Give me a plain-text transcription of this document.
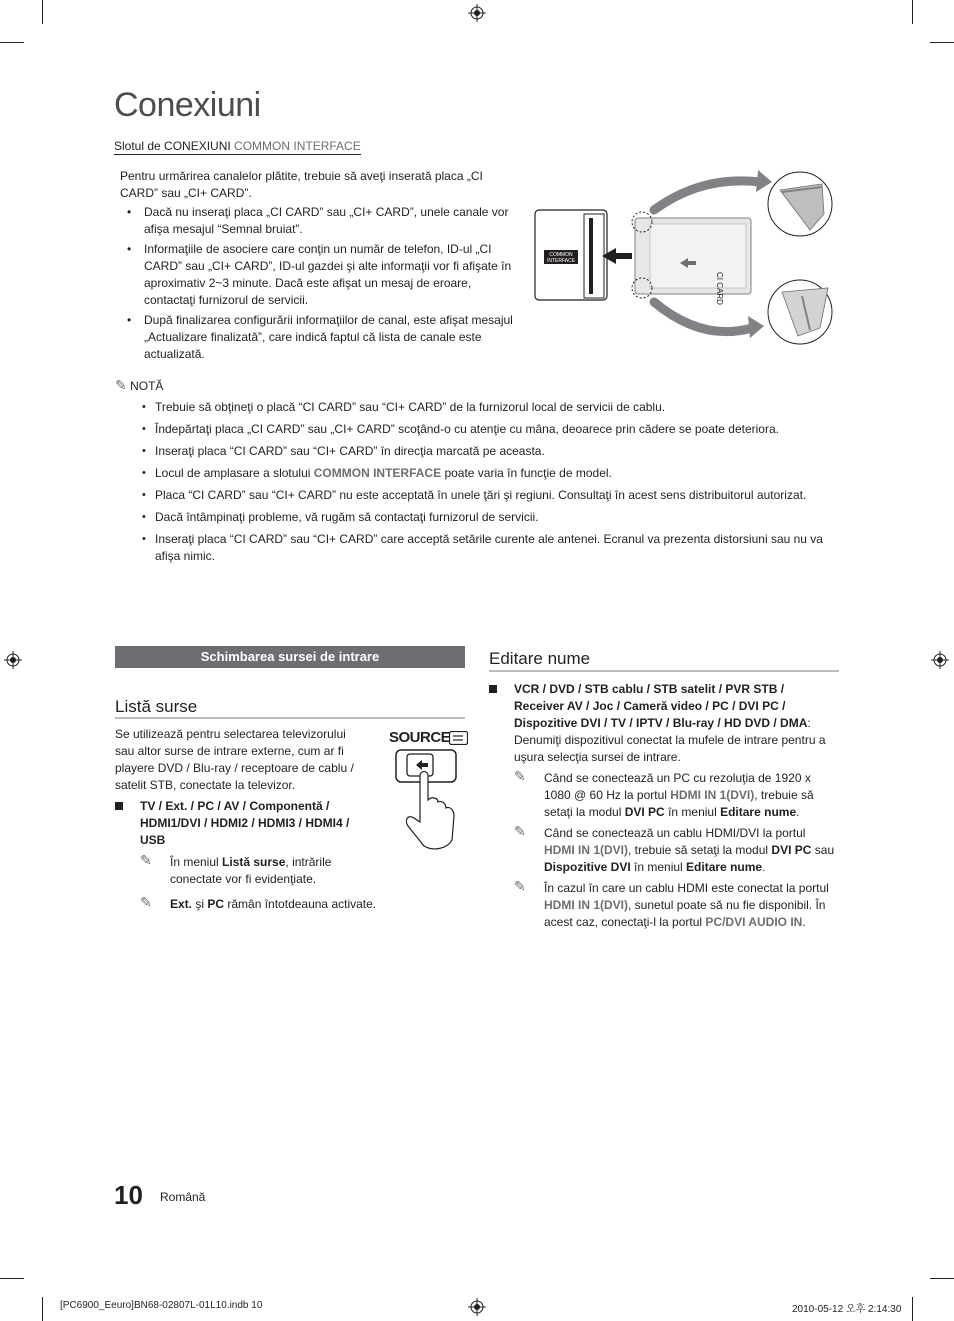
Conexiuni
Slotul de CONEXIUNI COMMON INTERFACE
Pentru urmărirea canalelor plătite, trebuie să aveţi inserată placa „CI CARD” sau „CI+ CARD”.
• Dacă nu inseraţi placa „CI CARD” sau „CI+ CARD”, unele canale vor afişa mesajul “Semnal bruiat”.
• Informaţiile de asociere care conţin un număr de telefon, ID-ul „CI CARD” sau „CI+ CARD”, ID-ul gazdei şi alte informaţii vor fi afişate în aproximativ 2~3 minute. Dacă este afişat un mesaj de eroare, contactaţi furnizorul de servicii.
• După finalizarea configurării informaţiilor de canal, este afişat mesajul „Actualizare finalizată”, care indică faptul că lista de canale este actualizată.
COMMON
INTERFACE
CI CARD
✎ NOTĂ
• Trebuie să obţineţi o placă “CI CARD” sau “CI+ CARD” de la furnizorul local de servicii de cablu.
• Îndepărtaţi placa „CI CARD” sau „CI+ CARD” scoţând-o cu atenţie cu mâna, deoarece prin cădere se poate deteriora.
• Inseraţi placa “CI CARD” sau “CI+ CARD” în direcţia marcată pe aceasta.
• Locul de amplasare a slotului COMMON INTERFACE poate varia în funcţie de model.
• Placa “CI CARD” sau “CI+ CARD” nu este acceptată în unele ţări şi regiuni. Consultaţi în acest sens distribuitorul autorizat.
• Dacă întâmpinaţi probleme, vă rugăm să contactaţi furnizorul de servicii.
• Inseraţi placa “CI CARD” sau “CI+ CARD” care acceptă setările curente ale antenei. Ecranul va prezenta distorsiuni sau nu va afişa nimic.
Schimbarea sursei de intrare
Listă surse
Se utilizează pentru selectarea televizorului sau altor surse de intrare externe, cum ar fi playere DVD / Blu-ray / receptoare de cablu / satelit STB, conectate la televizor.
TV / Ext. / PC / AV / Componentă / HDMI1/DVI / HDMI2 / HDMI3 / HDMI4 / USB
✎ În meniul Listă surse, intrările conectate vor fi evidenţiate.
✎ Ext. şi PC rămân întotdeauna activate.
SOURCE
Editare nume
VCR / DVD / STB cablu / STB satelit / PVR STB / Receiver AV / Joc / Cameră video / PC / DVI PC / Dispozitive DVI / TV / IPTV / Blu-ray / HD DVD / DMA: Denumiţi dispozitivul conectat la mufele de intrare pentru a uşura selecţia sursei de intrare.
✎ Când se conectează un PC cu rezoluţia de 1920 x 1080 @ 60 Hz la portul HDMI IN 1(DVI), trebuie să setaţi la modul DVI PC în meniul Editare nume.
✎ Când se conectează un cablu HDMI/DVI la portul HDMI IN 1(DVI), trebuie să setaţi la modul DVI PC sau Dispozitive DVI în meniul Editare nume.
✎ În cazul în care un cablu HDMI este conectat la portul HDMI IN 1(DVI), sunetul poate să nu fie disponibil. În acest caz, conectaţi-l la portul PC/DVI AUDIO IN.
10 Română
[PC6900_Eeuro]BN68-02807L-01L10.indb 10	2010-05-12 오후 2:14:30
